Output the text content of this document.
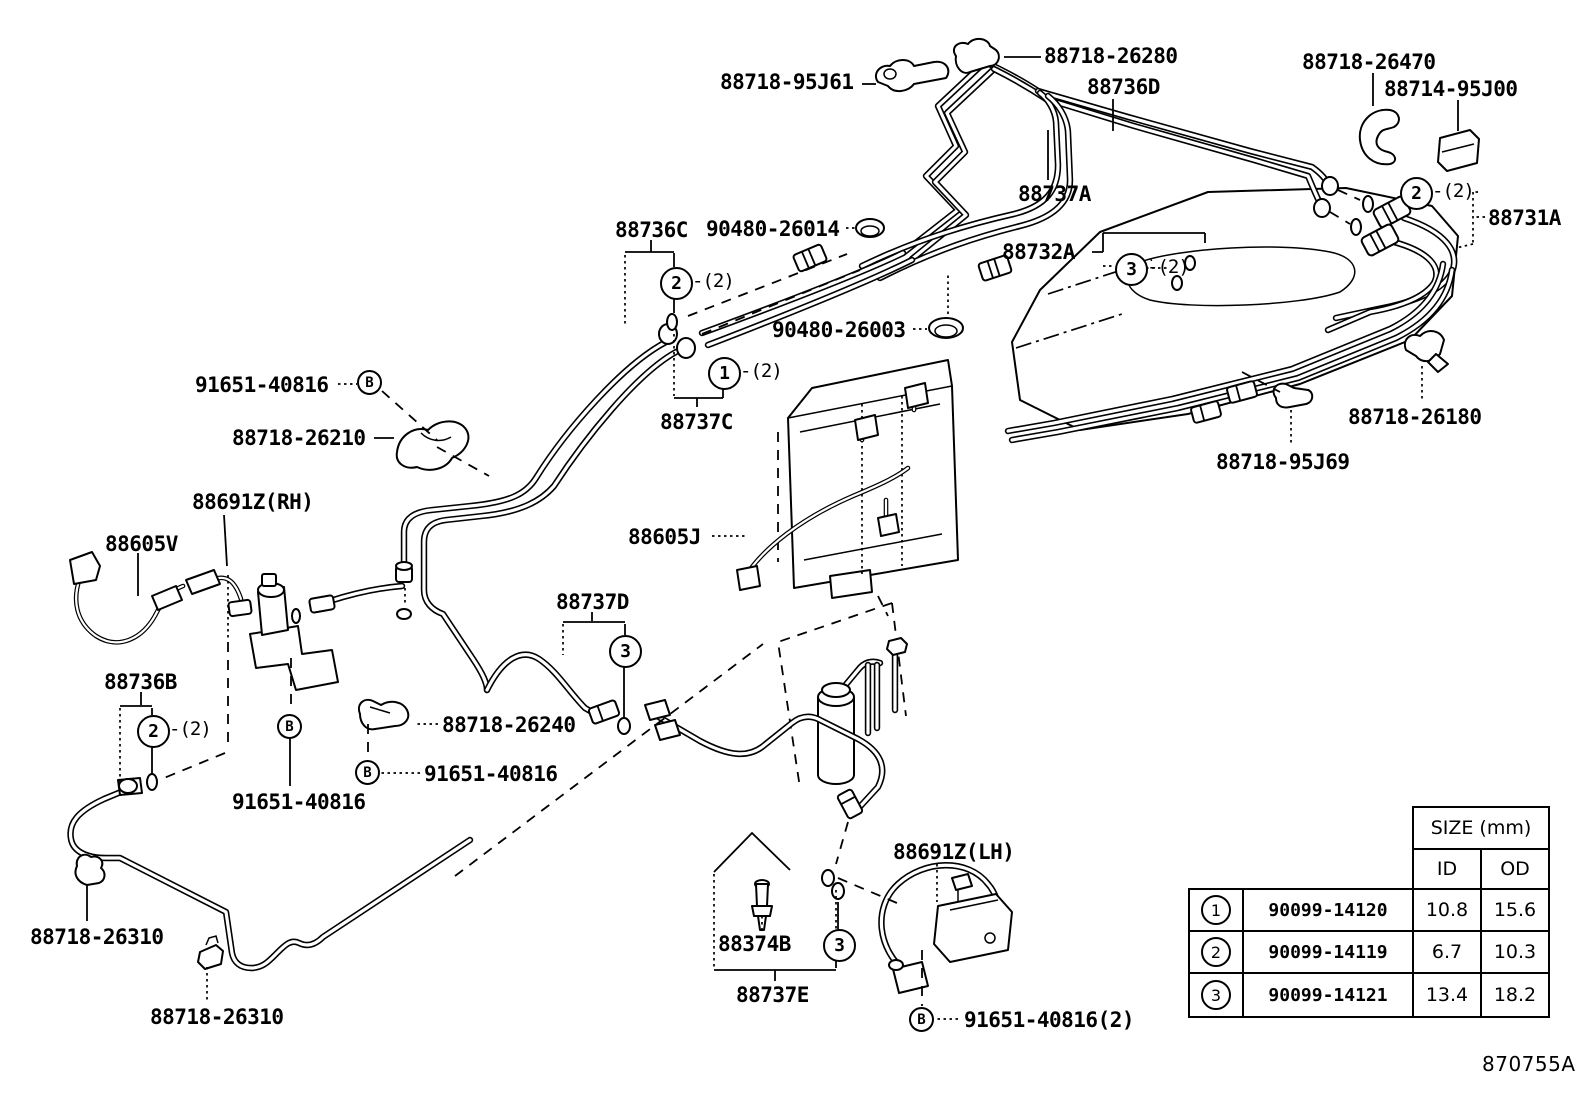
88718-26280
88718-95J61	88736D
88737A
88718-26470
88714-95J00
88731A
88736C 90480-26014
88732A
90480-26003
88737C
91651-40816
88718-26210
88691Z(RH)
88605V
88718-26180
88718-95J69
88605J
88737D
88736B
88718-26240
91651-40816
91651-40816
88718-26310
88718-26310
88691Z(LH)
88374B
88737E
91651-40816(2)
2 -(2)
1 -(2)
3 -(2)
2 -(2)
2 -(2)
3
3
B
B
B
B
SIZE (mm)
ID	OD
1	90099-14120	10.8	15.6
2	90099-14119	6.7	10.3
3	90099-14121	13.4	18.2
870755A
